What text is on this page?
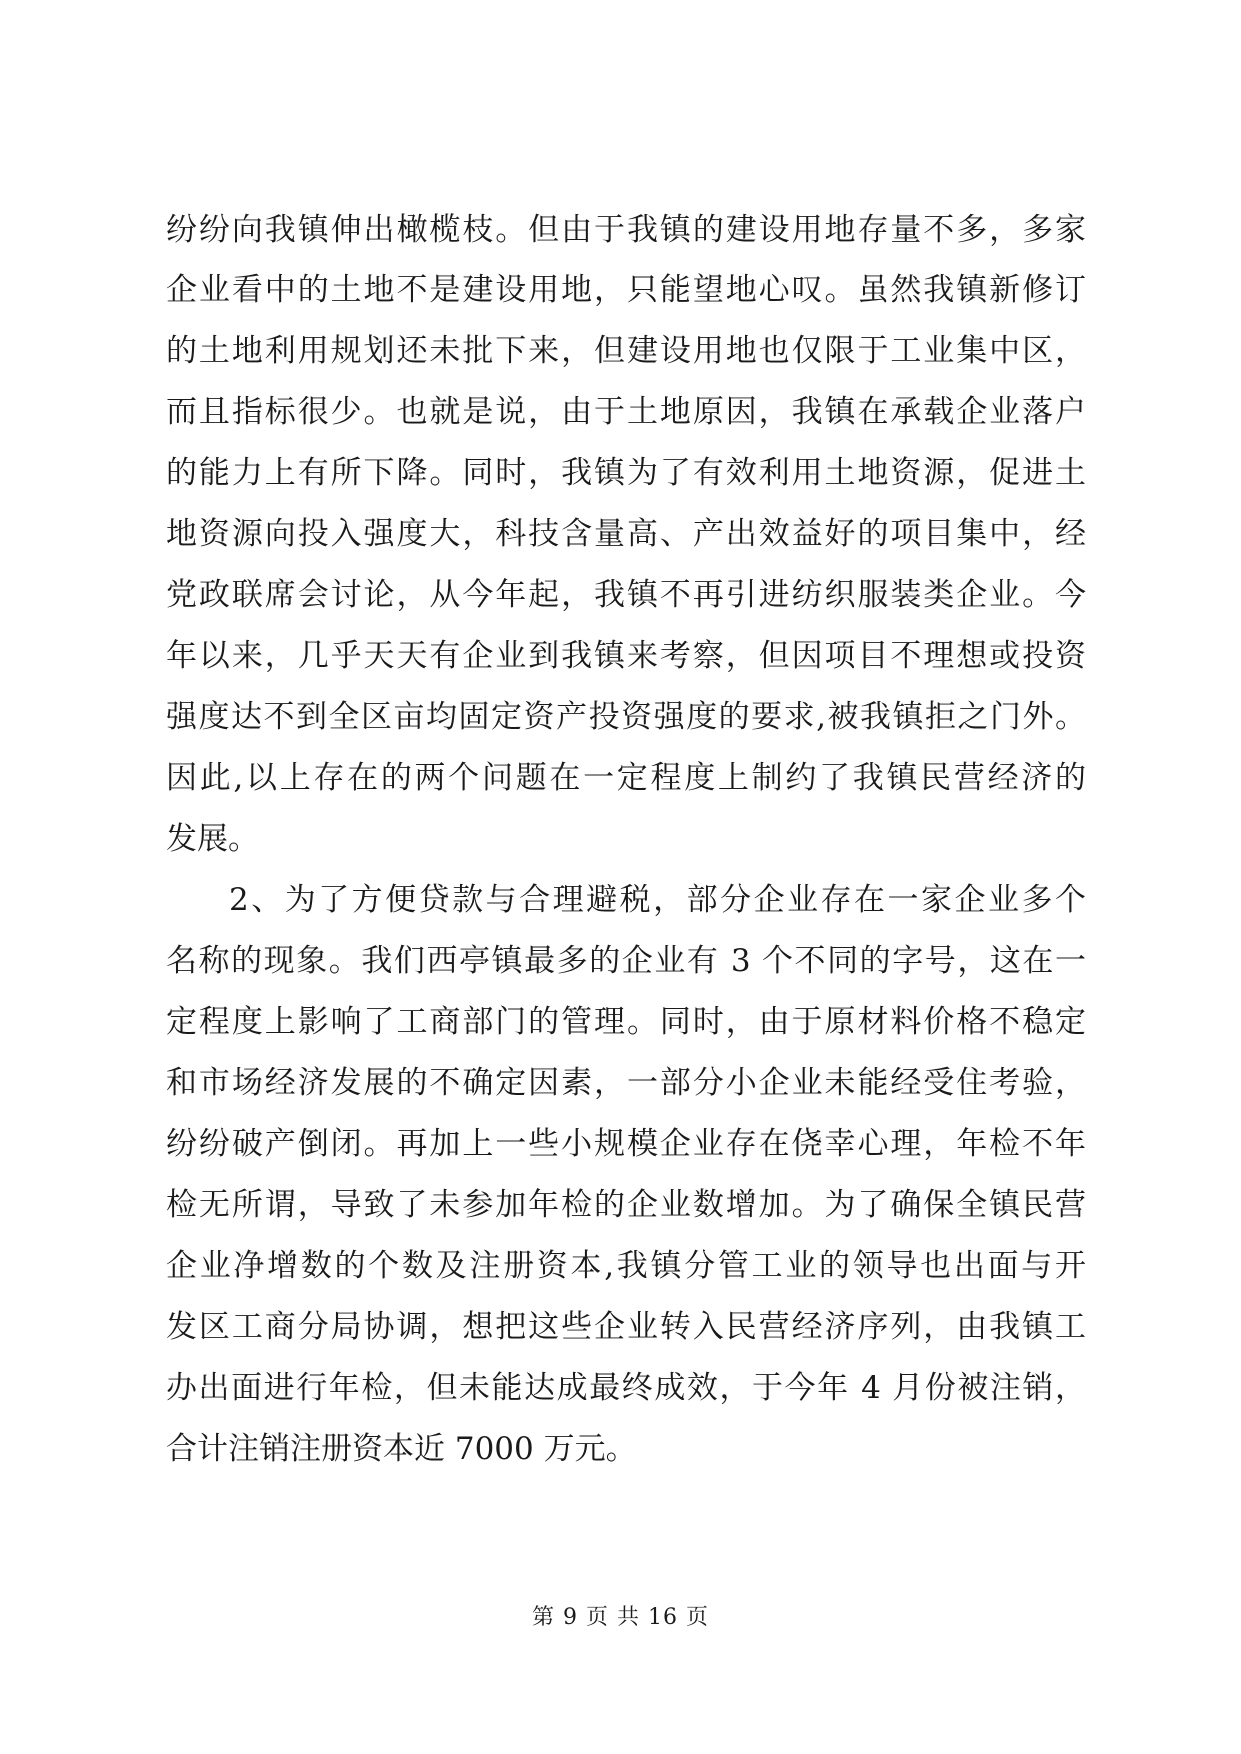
纷纷向我镇伸出橄榄枝。但由于我镇的建设用地存量不多，多家
企业看中的土地不是建设用地，只能望地心叹。虽然我镇新修订
的土地利用规划还未批下来，但建设用地也仅限于工业集中区，
而且指标很少。也就是说，由于土地原因，我镇在承载企业落户
的能力上有所下降。同时，我镇为了有效利用土地资源，促进土
地资源向投入强度大，科技含量高、产出效益好的项目集中，经
党政联席会讨论，从今年起，我镇不再引进纺织服装类企业。今
年以来，几乎天天有企业到我镇来考察，但因项目不理想或投资
强度达不到全区亩均固定资产投资强度的要求,被我镇拒之门外。
因此,以上存在的两个问题在一定程度上制约了我镇民营经济的
发展。
2、为了方便贷款与合理避税，部分企业存在一家企业多个
名称的现象。我们西亭镇最多的企业有 3 个不同的字号，这在一
定程度上影响了工商部门的管理。同时，由于原材料价格不稳定
和市场经济发展的不确定因素，一部分小企业未能经受住考验，
纷纷破产倒闭。再加上一些小规模企业存在侥幸心理，年检不年
检无所谓，导致了未参加年检的企业数增加。为了确保全镇民营
企业净增数的个数及注册资本,我镇分管工业的领导也出面与开
发区工商分局协调，想把这些企业转入民营经济序列，由我镇工
办出面进行年检，但未能达成最终成效，于今年 4 月份被注销，
合计注销注册资本近 7000 万元。
第 9 页 共 16 页
